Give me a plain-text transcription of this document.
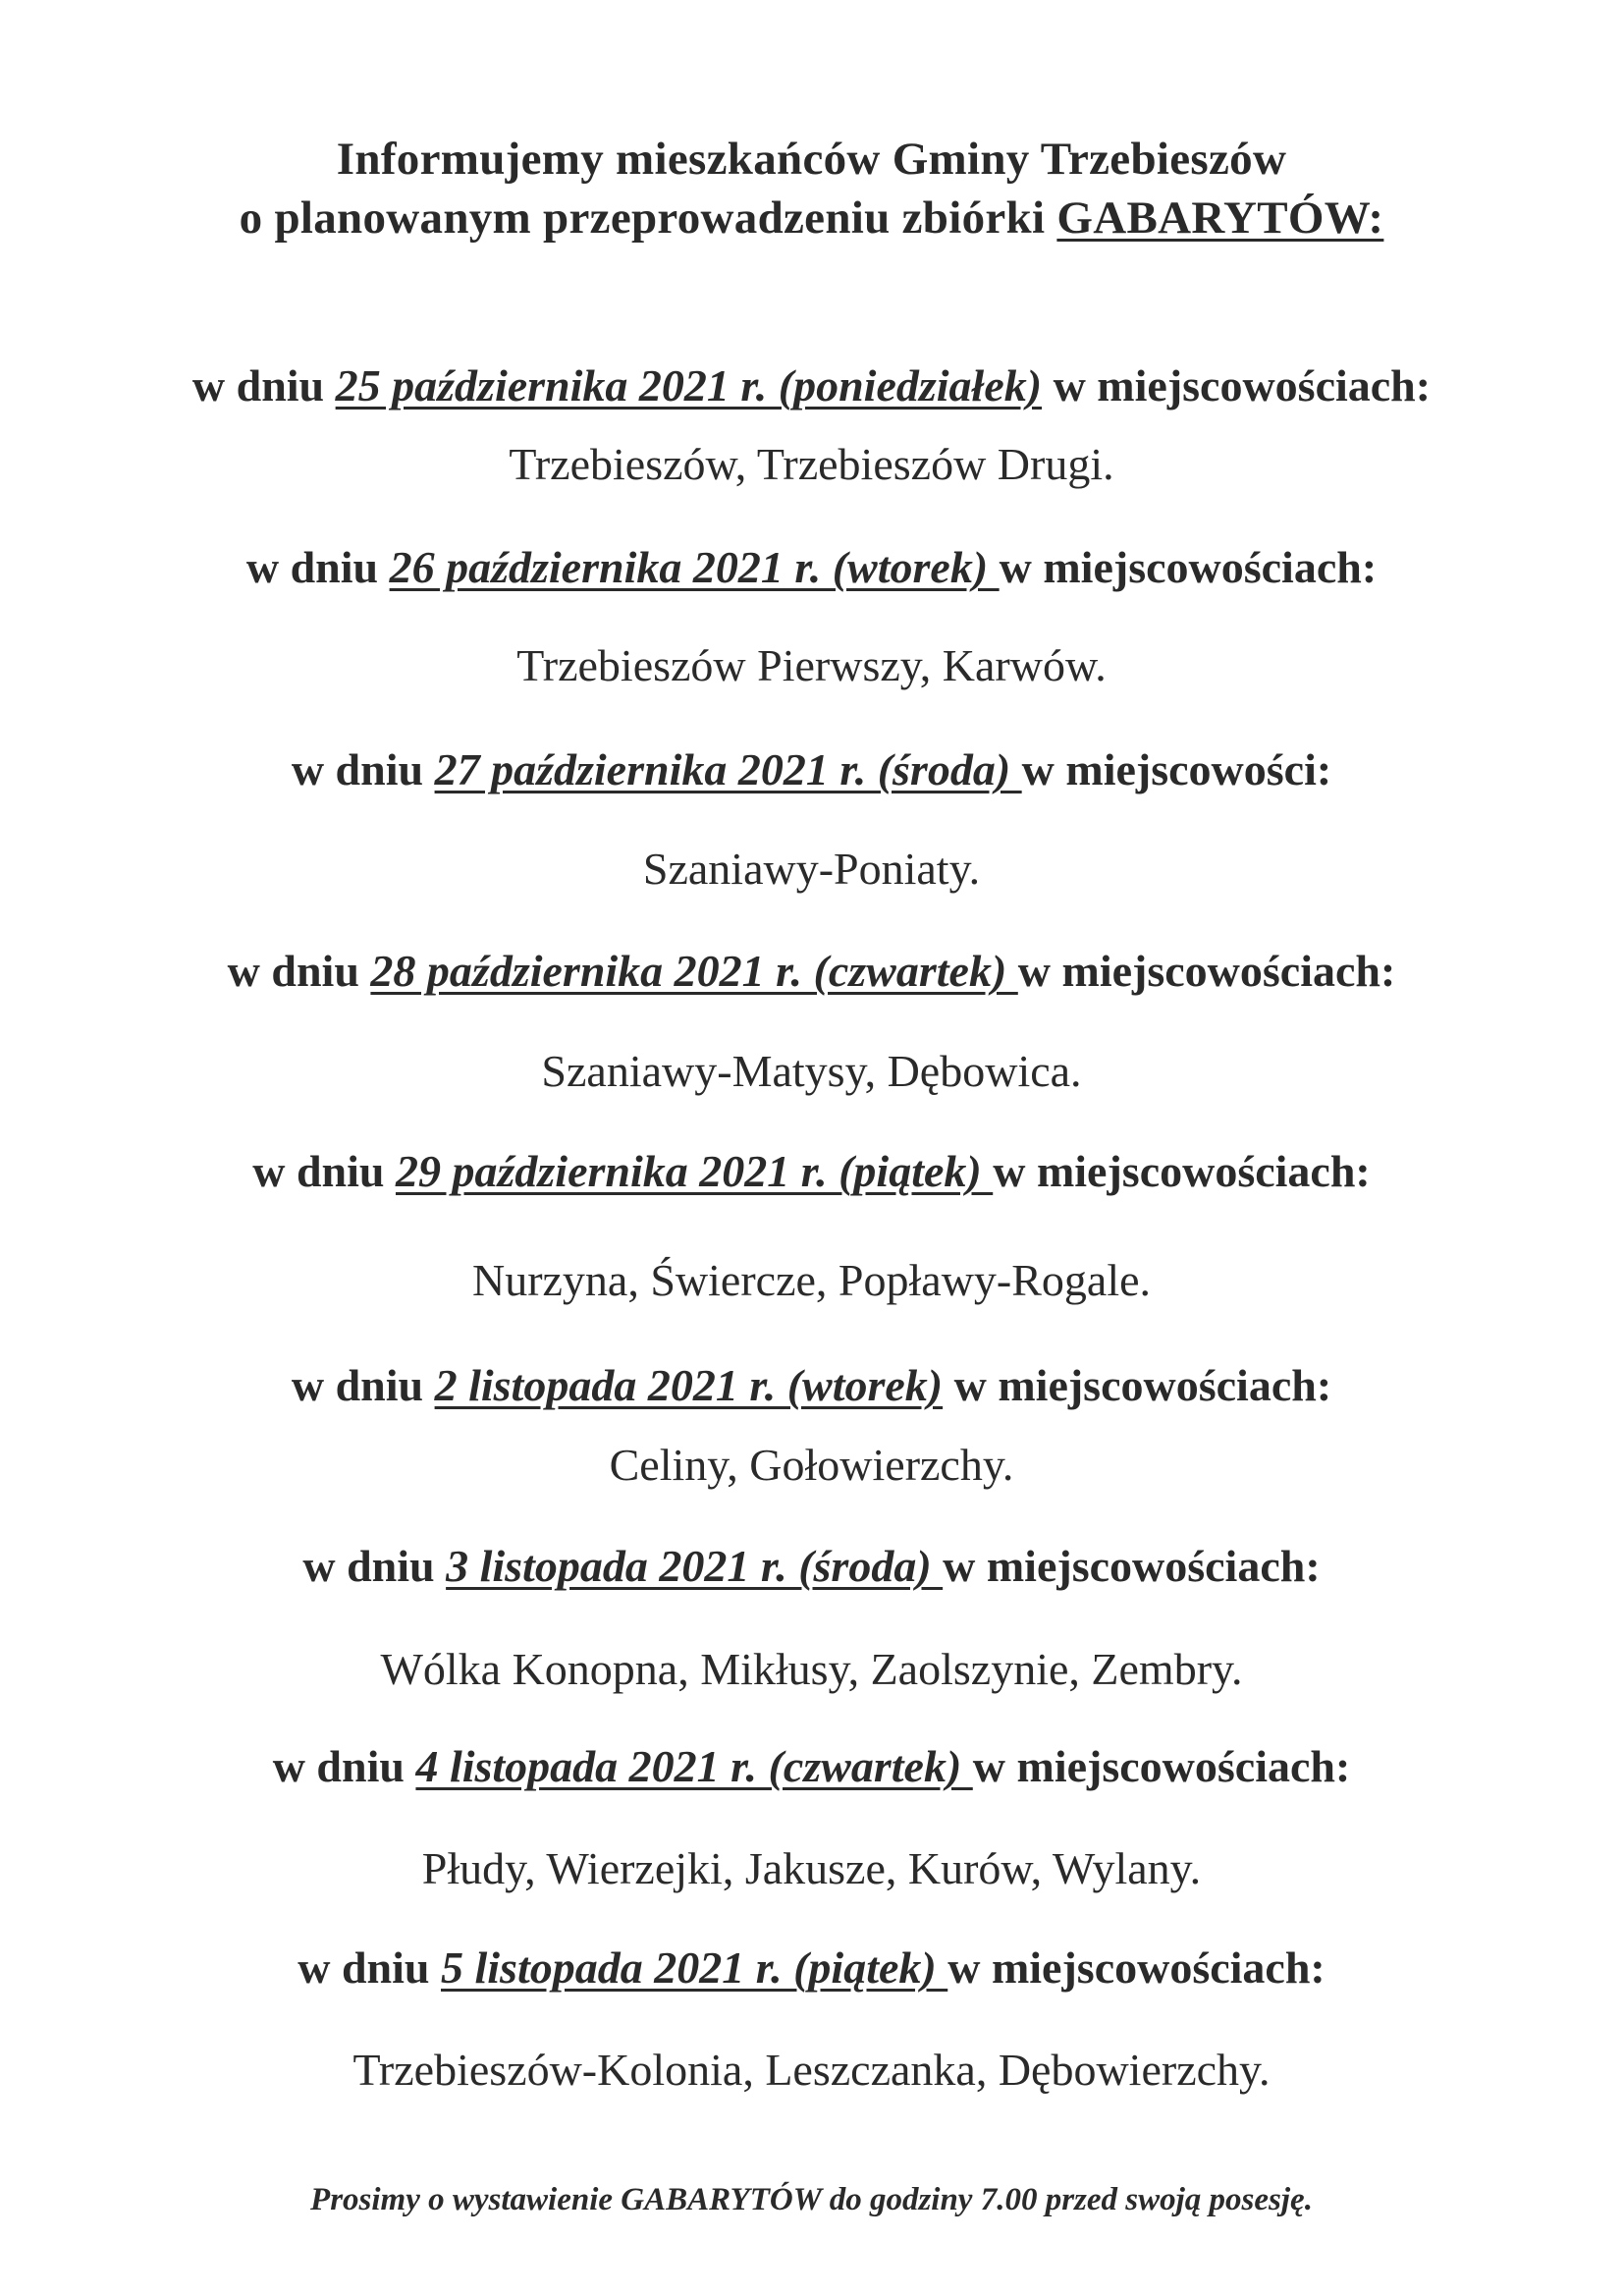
Informujemy mieszkańców Gminy Trzebieszów
o planowanym przeprowadzeniu zbiórki GABARYTÓW:
w dniu 25 października 2021 r. (poniedziałek) w miejscowościach:
Trzebieszów, Trzebieszów Drugi.
w dniu 26 października 2021 r. (wtorek) w miejscowościach:
Trzebieszów Pierwszy, Karwów.
w dniu 27 października 2021 r. (środa) w miejscowości:
Szaniawy-Poniaty.
w dniu 28 października 2021 r. (czwartek) w miejscowościach:
Szaniawy-Matysy, Dębowica.
w dniu 29 października 2021 r. (piątek) w miejscowościach:
Nurzyna, Świercze, Popławy-Rogale.
w dniu 2 listopada 2021 r. (wtorek) w miejscowościach:
Celiny, Gołowierzchy.
w dniu 3 listopada 2021 r. (środa) w miejscowościach:
Wólka Konopna, Mikłusy, Zaolszynie, Zembry.
w dniu 4 listopada 2021 r. (czwartek) w miejscowościach:
Płudy, Wierzejki, Jakusze, Kurów, Wylany.
w dniu 5 listopada 2021 r. (piątek) w miejscowościach:
Trzebieszów-Kolonia, Leszczanka, Dębowierzchy.
Prosimy o wystawienie GABARYTÓW do godziny 7.00 przed swoją posesję.
